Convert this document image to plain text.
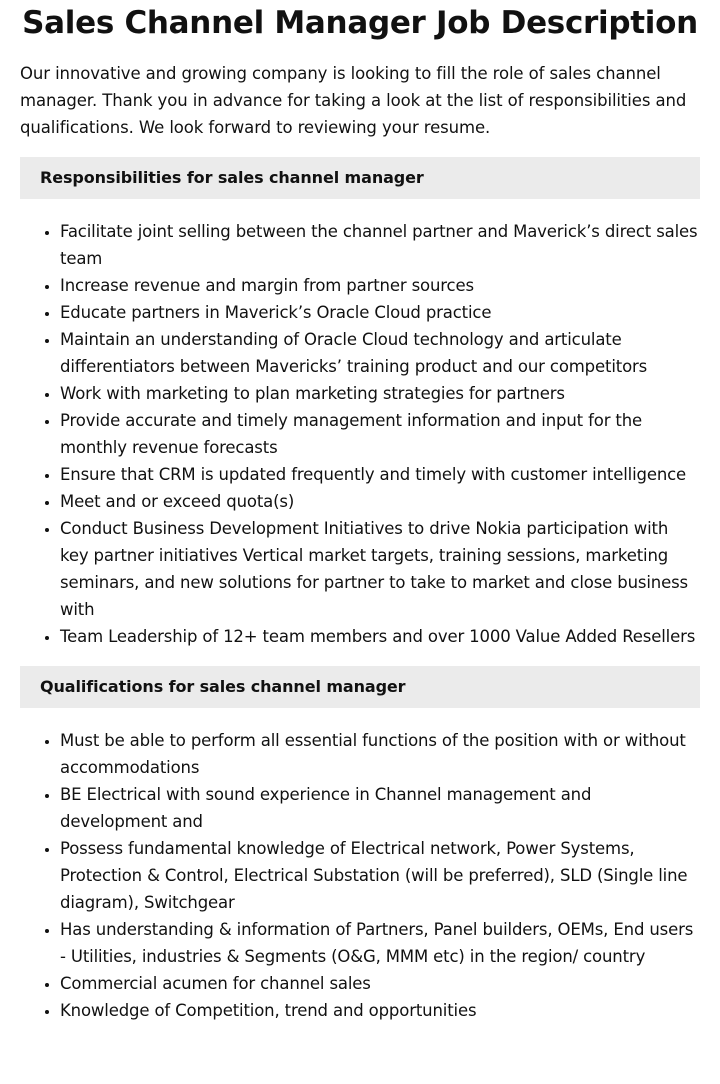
Sales Channel Manager Job Description

Our innovative and growing company is looking to fill the role of sales channel manager. Thank you in advance for taking a look at the list of responsibilities and qualifications. We look forward to reviewing your resume.

Responsibilities for sales channel manager
• Facilitate joint selling between the channel partner and Maverick’s direct sales team
• Increase revenue and margin from partner sources
• Educate partners in Maverick’s Oracle Cloud practice
• Maintain an understanding of Oracle Cloud technology and articulate differentiators between Mavericks’ training product and our competitors
• Work with marketing to plan marketing strategies for partners
• Provide accurate and timely management information and input for the monthly revenue forecasts
• Ensure that CRM is updated frequently and timely with customer intelligence
• Meet and or exceed quota(s)
• Conduct Business Development Initiatives to drive Nokia participation with key partner initiatives Vertical market targets, training sessions, marketing seminars, and new solutions for partner to take to market and close business with
• Team Leadership of 12+ team members and over 1000 Value Added Resellers
Qualifications for sales channel manager
• Must be able to perform all essential functions of the position with or without accommodations
• BE Electrical with sound experience in Channel management and development and
• Possess fundamental knowledge of Electrical network, Power Systems, Protection & Control, Electrical Substation (will be preferred), SLD (Single line diagram), Switchgear
• Has understanding & information of Partners, Panel builders, OEMs, End users - Utilities, industries & Segments (O&G, MMM etc) in the region/ country
• Commercial acumen for channel sales
• Knowledge of Competition, trend and opportunities
